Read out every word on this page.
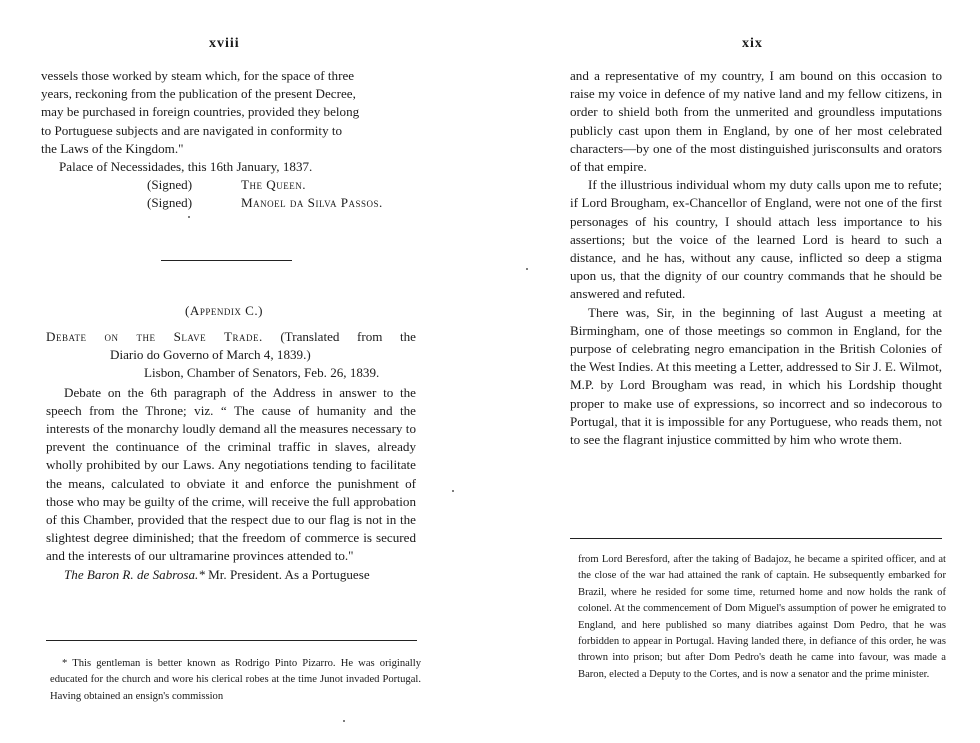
xviii

vessels those worked by steam which, for the space of three

years, reckoning from the publication of the present Decree,

may be purchased in foreign countries, provided they belong

to Portuguese subjects and are navigated in conformity to

the Laws of the Kingdom."

Palace of Necessidades, this 16th January, 1837.

(Signed)	The Queen.
(Signed)	Manoel da Silva Passos.
(Appendix C.)

Debate on the Slave Trade. (Translated from the

Diario do Governo of March 4, 1839.)

Lisbon, Chamber of Senators, Feb. 26, 1839.

Debate on the 6th paragraph of the Address in answer to the speech from the Throne; viz. “ The cause of humanity and the interests of the monarchy loudly demand all the measures necessary to prevent the continuance of the criminal traffic in slaves, already wholly prohibited by our Laws. Any negotiations tending to facilitate the means, calculated to obviate it and enforce the punishment of those who may be guilty of the crime, will receive the full approbation of this Chamber, provided that the respect due to our flag is not in the slightest degree diminished; that the freedom of commerce is secured and the interests of our ultramarine provinces attended to."

The Baron R. de Sabrosa.* Mr. President. As a Portuguese

* This gentleman is better known as Rodrigo Pinto Pizarro. He was originally educated for the church and wore his clerical robes at the time Junot invaded Portugal. Having obtained an ensign's commission

xix

and a representative of my country, I am bound on this occasion to raise my voice in defence of my native land and my fellow citizens, in order to shield both from the unmerited and groundless imputations publicly cast upon them in England, by one of her most celebrated characters—by one of the most distinguished jurisconsults and orators of that empire.

If the illustrious individual whom my duty calls upon me to refute; if Lord Brougham, ex-Chancellor of England, were not one of the first personages of his country, I should attach less importance to his assertions; but the voice of the learned Lord is heard to such a distance, and he has, without any cause, inflicted so deep a stigma upon us, that the dignity of our country commands that he should be answered and refuted.

There was, Sir, in the beginning of last August a meeting at Birmingham, one of those meetings so common in England, for the purpose of celebrating negro emancipation in the British Colonies of the West Indies. At this meeting a Letter, addressed to Sir J. E. Wilmot, M.P. by Lord Brougham was read, in which his Lordship thought proper to make use of expressions, so incorrect and so indecorous to Portugal, that it is impossible for any Portuguese, who reads them, not to see the flagrant injustice committed by him who wrote them.

from Lord Beresford, after the taking of Badajoz, he became a spirited officer, and at the close of the war had attained the rank of captain. He subsequently embarked for Brazil, where he resided for some time, returned home and now holds the rank of colonel. At the commencement of Dom Miguel's assumption of power he emigrated to England, and here published so many diatribes against Dom Pedro, that he was forbidden to appear in Portugal. Having landed there, in defiance of this order, he was thrown into prison; but after Dom Pedro's death he came into favour, was made a Baron, elected a Deputy to the Cortes, and is now a senator and the prime minister.
